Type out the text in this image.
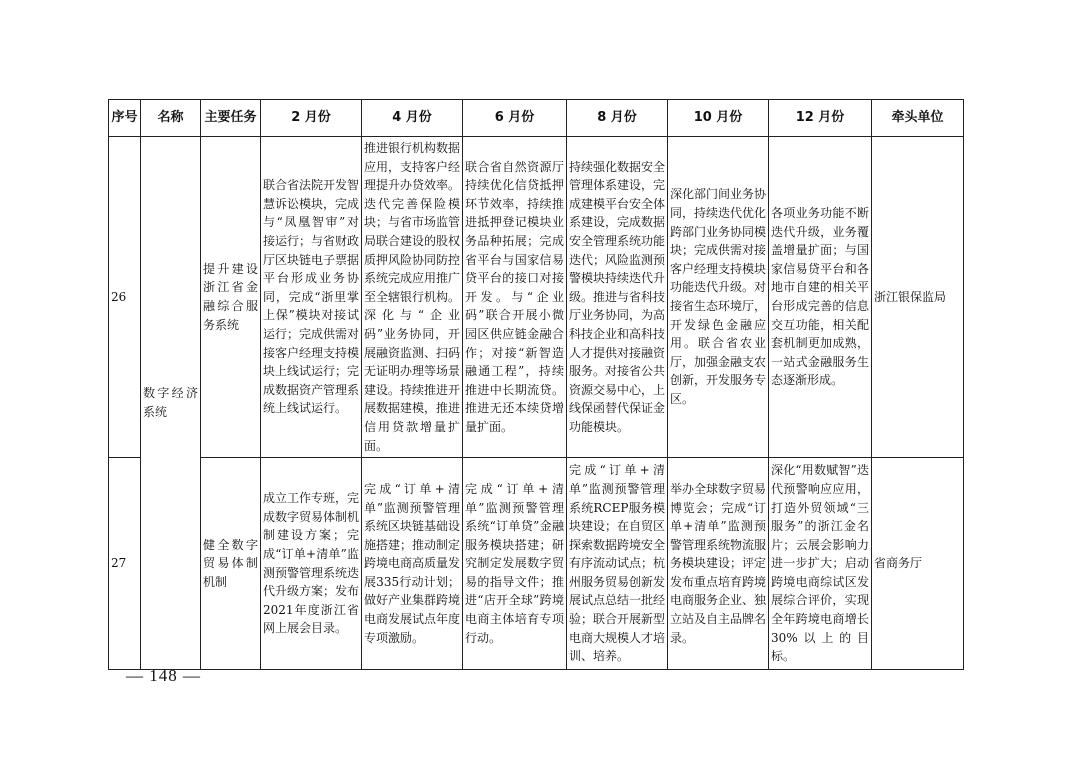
序号	名称	主要任务	2 月份	4 月份	6 月份	8 月份	10 月份	12 月份	牵头单位
26	数字经济系统	提升建设浙江省金融综合服务系统	联合省法院开发智慧诉讼模块，完成与“凤凰智审”对接运行；与省财政厅区块链电子票据平台形成业务协同，完成“浙里掌上保”模块对接试运行；完成供需对接客户经理支持模块上线试运行；完成数据资产管理系统上线试运行。	推进银行机构数据应用，支持客户经理提升办贷效率。迭代完善保险模块；与省市场监管局联合建设的股权质押风险协同防控系统完成应用推广至全辖银行机构。深化与“企业码”业务协同，开展融资监测、扫码无证明办理等场景建设。持续推进开展数据建模，推进信用贷款增量扩面。	联合省自然资源厅持续优化信贷抵押环节效率，持续推进抵押登记模块业务品种拓展；完成省平台与国家信易贷平台的接口对接开发。与“企业码”联合开展小微园区供应链金融合作；对接“新智造融通工程”，持续推进中长期流贷。推进无还本续贷增量扩面。	持续强化数据安全管理体系建设，完成建模平台安全体系建设，完成数据安全管理系统功能迭代；风险监测预警模块持续迭代升级。推进与省科技厅业务协同，为高科技企业和高科技人才提供对接融资服务。对接省公共资源交易中心，上线保函替代保证金功能模块。	深化部门间业务协同，持续迭代优化跨部门业务协同模块；完成供需对接客户经理支持模块功能迭代升级。对接省生态环境厅，开发绿色金融应用。联合省农业厅，加强金融支农创新，开发服务专区。	各项业务功能不断迭代升级，业务覆盖增量扩面；与国家信易贷平台和各地市自建的相关平台形成完善的信息交互功能，相关配套机制更加成熟，一站式金融服务生态逐渐形成。	浙江银保监局
27		健全数字贸易体制机制	成立工作专班，完成数字贸易体制机制建设方案；完成“订单+清单”监测预警管理系统迭代升级方案；发布2021年度浙江省网上展会目录。	完成“订单+清单”监测预警管理系统区块链基础设施搭建；推动制定跨境电商高质量发展335行动计划；做好产业集群跨境电商发展试点年度专项激励。	完成“订单+清单”监测预警管理系统“订单贷”金融服务模块搭建；研究制定发展数字贸易的指导文件；推进“店开全球”跨境电商主体培育专项行动。	完成“订单+清单”监测预警管理系统RCEP服务模块建设；在自贸区探索数据跨境安全有序流动试点；杭州服务贸易创新发展试点总结一批经验；联合开展新型电商大规模人才培训、培养。	举办全球数字贸易博览会；完成“订单+清单”监测预警管理系统物流服务模块建设；评定发布重点培育跨境电商服务企业、独立站及自主品牌名录。	深化“用数赋智”迭代预警响应应用，打造外贸领域“三服务”的浙江金名片；云展会影响力进一步扩大；启动跨境电商综试区发展综合评价，实现全年跨境电商增长30%以上的目标。	省商务厅
— 148 —
